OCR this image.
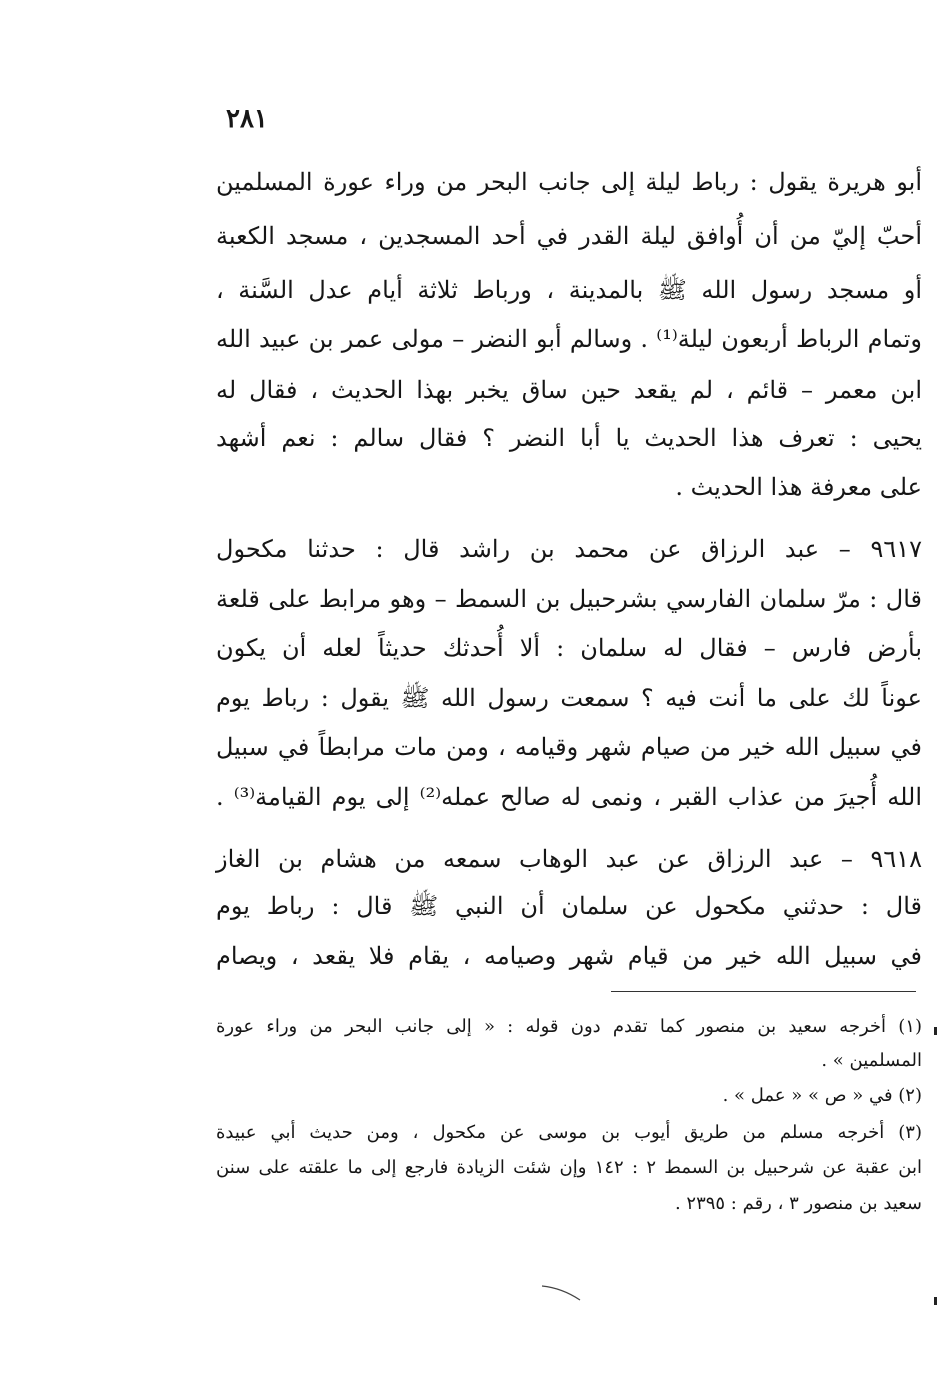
٢٨١
أبو هريرة يقول : رباط ليلة إلى جانب البحر من وراء عورة المسلمين
أحبّ إليّ من أن أُوافق ليلة القدر في أحد المسجدين ، مسجد الكعبة
أو مسجد رسول الله ﷺ بالمدينة ، ورباط ثلاثة أيام عدل السَّنة ،
وتمام الرباط أربعون ليلة⁽¹⁾ . وسالم أبو النضر – مولى عمر بن عبيد الله
ابن معمر – قائم ، لم يقعد حين ساق يخبر بهذا الحديث ، فقال له
يحيى : تعرف هذا الحديث يا أبا النضر ؟ فقال سالم : نعم أشهد
على معرفة هذا الحديث .
٩٦١٧ – عبد الرزاق عن محمد بن راشد قال : حدثنا مكحول
قال : مرّ سلمان الفارسي بشرحبيل بن السمط – وهو مرابط على قلعة
بأرض فارس – فقال له سلمان : ألا أُحدثك حديثاً لعله أن يكون
عوناً لك على ما أنت فيه ؟ سمعت رسول الله ﷺ يقول : رباط يوم
في سبيل الله خير من صيام شهر وقيامه ، ومن مات مرابطاً في سبيل
الله أُجيرَ من عذاب القبر ، ونمى له صالح عمله⁽²⁾ إلى يوم القيامة⁽³⁾ .
٩٦١٨ – عبد الرزاق عن عبد الوهاب سمعه من هشام بن الغاز
قال : حدثني مكحول عن سلمان أن النبي ﷺ قال : رباط يوم
في سبيل الله خير من قيام شهر وصيامه ، يقام فلا يقعد ، ويصام
(١) أخرجه سعيد بن منصور كما تقدم دون قوله : « إلى جانب البحر من وراء عورة
المسلمين » .
(٢) في « ص » « عمل » .
(٣) أخرجه مسلم من طريق أيوب بن موسى عن مكحول ، ومن حديث أبي عبيدة
ابن عقبة عن شرحبيل بن السمط ٢ : ١٤٢ وإن شئت الزيادة فارجع إلى ما علقته على سنن
سعيد بن منصور ٣ ، رقم : ٢٣٩٥ .
